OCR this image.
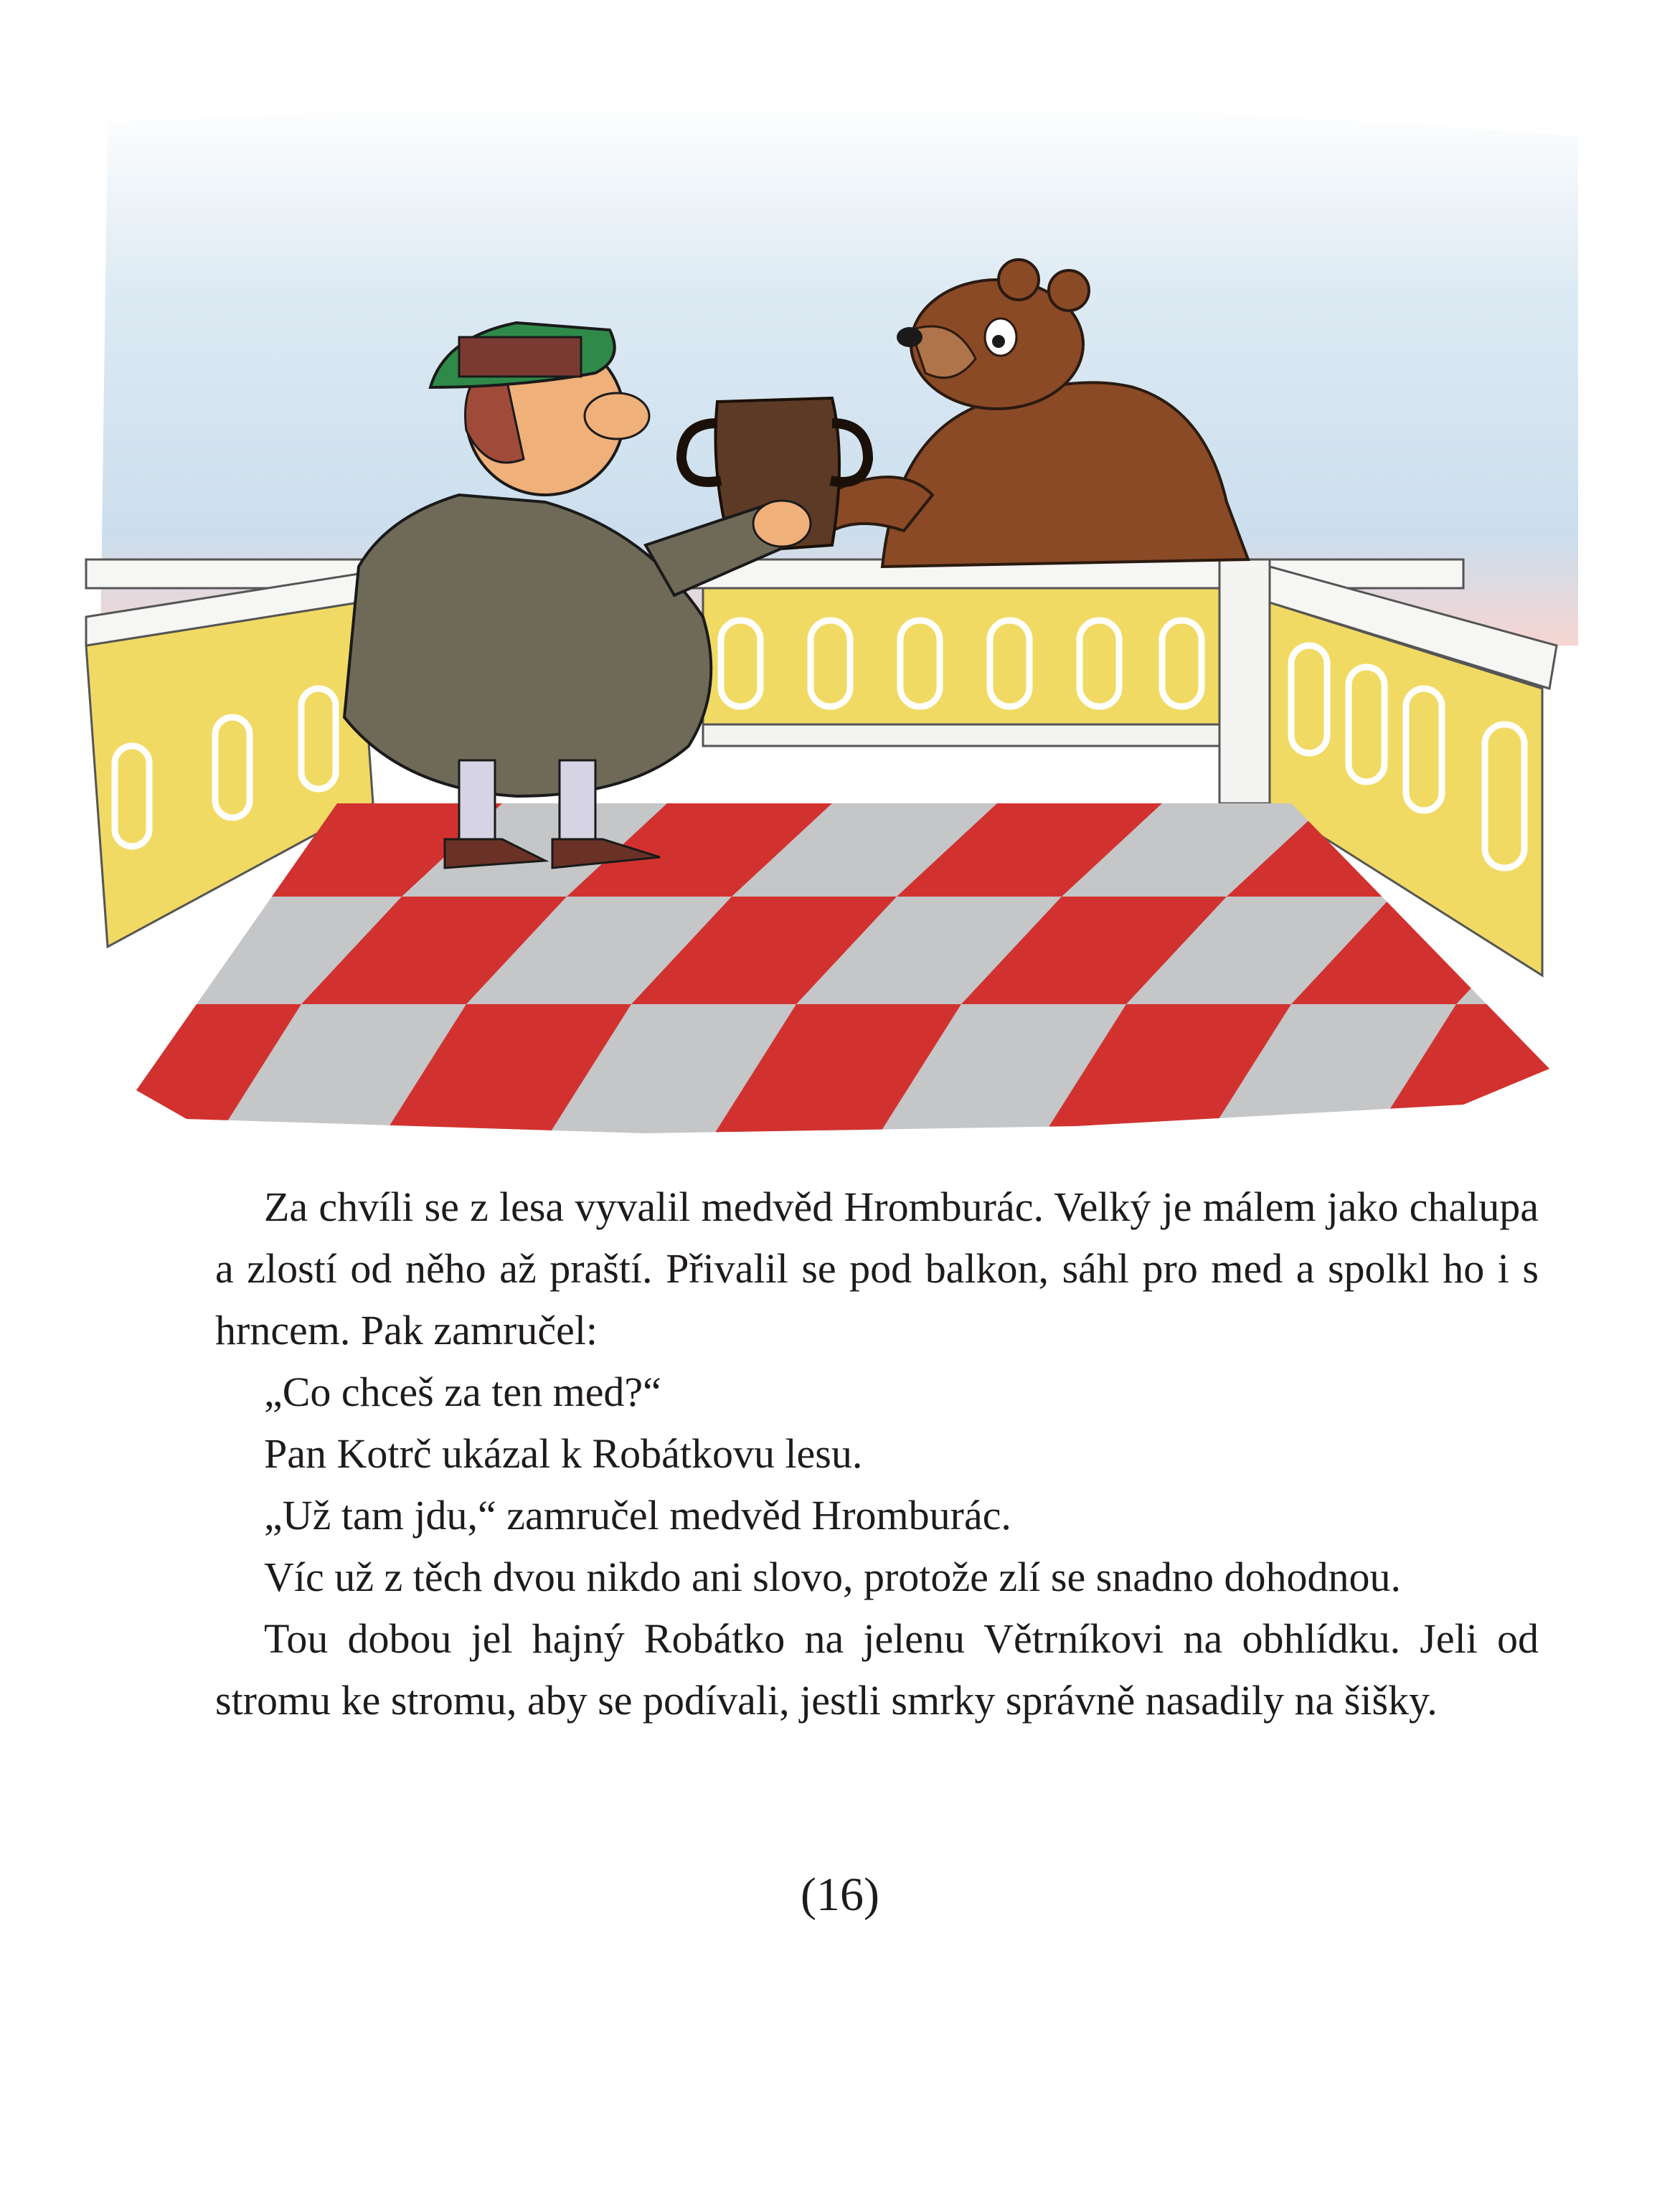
Za chvíli se z lesa vyvalil medvěd Hromburác. Velký je málem jako chalupa a zlostí od něho až praští. Přivalil se pod balkon, sáhl pro med a spolkl ho i s hrncem. Pak zamručel:

„Co chceš za ten med?“

Pan Kotrč ukázal k Robátkovu lesu.

„Už tam jdu,“ zamručel medvěd Hromburác.

Víc už z těch dvou nikdo ani slovo, protože zlí se snadno dohodnou.

Tou dobou jel hajný Robátko na jelenu Větrníkovi na obhlídku. Jeli od stromu ke stromu, aby se podívali, jestli smrky správně nasadily na šišky.

(16)
